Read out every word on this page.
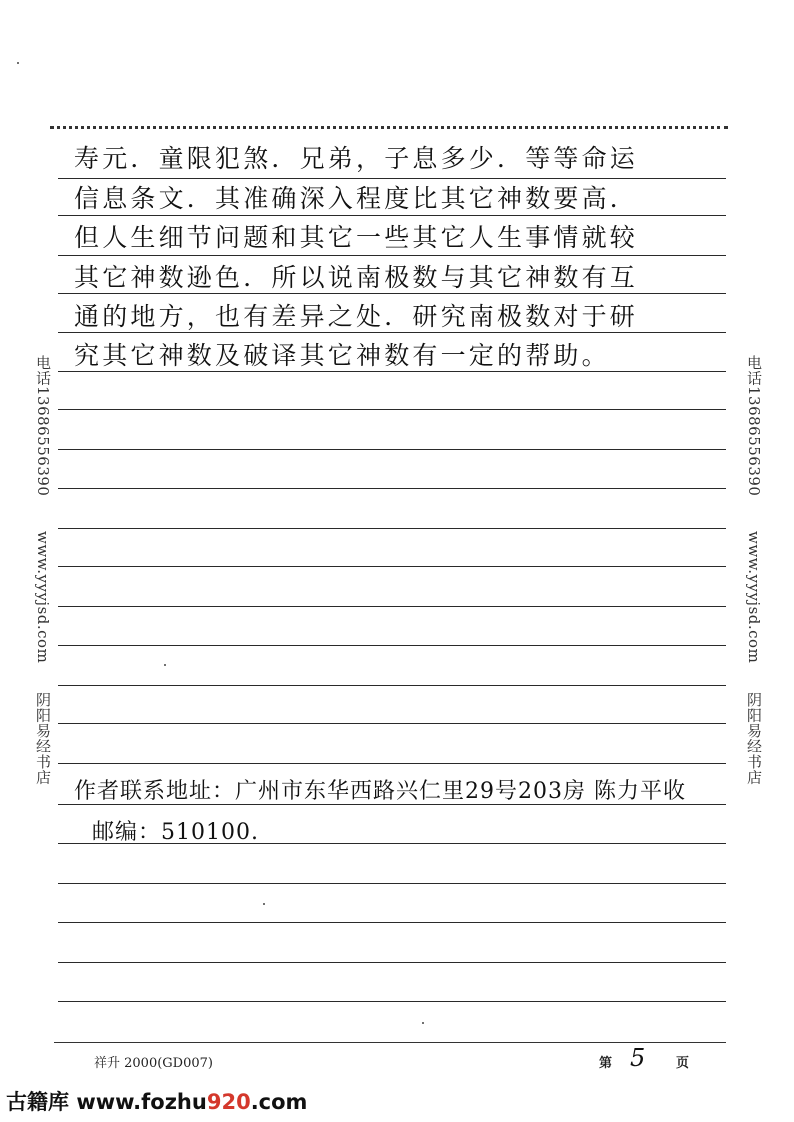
寿元．童限犯煞．兄弟，子息多少．等等命运
信息条文．其准确深入程度比其它神数要高．
但人生细节问题和其它一些其它人生事情就较
其它神数逊色．所以说南极数与其它神数有互
通的地方，也有差异之处．研究南极数对于研
究其它神数及破译其它神数有一定的帮助。
作者联系地址：广州市东华西路兴仁里29号203房 陈力平收
邮编：510100.
电话13686556390  www.yyyjsd.com  阴阳易经书店
电话13686556390  www.yyyjsd.com  阴阳易经书店
祥升 2000(GD007)	第 5 页
古籍库 www.fozhu920.com
